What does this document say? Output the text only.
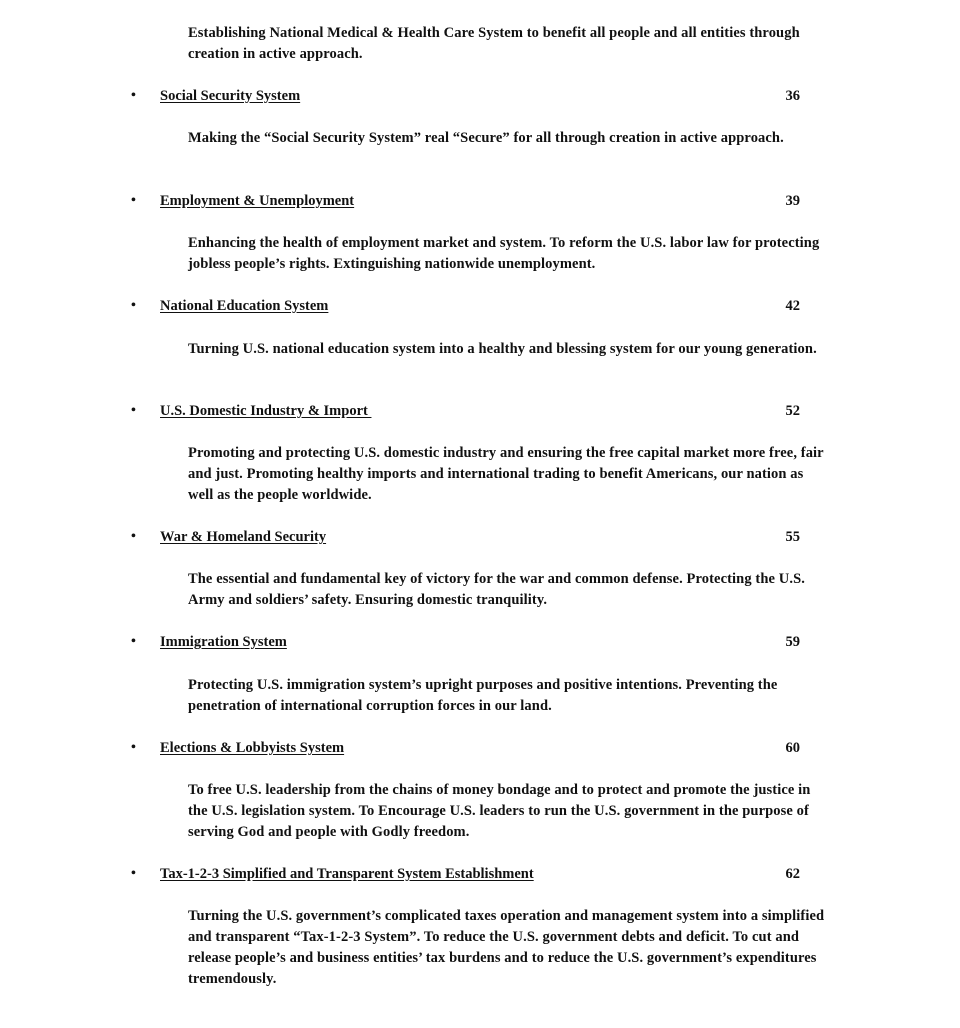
Establishing National Medical & Health Care System to benefit all people and all entities through creation in active approach.

• Social Security System	36

Making the “Social Security System” real “Secure” for all through creation in active approach.

• Employment & Unemployment	39

Enhancing the health of employment market and system. To reform the U.S. labor law for protecting jobless people’s rights. Extinguishing nationwide unemployment.

• National Education System	42

Turning U.S. national education system into a healthy and blessing system for our young generation.

• U.S. Domestic Industry & Import	52

Promoting and protecting U.S. domestic industry and ensuring the free capital market more free, fair and just. Promoting healthy imports and international trading to benefit Americans, our nation as well as the people worldwide.

• War & Homeland Security	55

The essential and fundamental key of victory for the war and common defense. Protecting the U.S. Army and soldiers’ safety. Ensuring domestic tranquility.

• Immigration System	59

Protecting U.S. immigration system’s upright purposes and positive intentions. Preventing the penetration of international corruption forces in our land.

• Elections & Lobbyists System	60

To free U.S. leadership from the chains of money bondage and to protect and promote the justice in the U.S. legislation system. To Encourage U.S. leaders to run the U.S. government in the purpose of serving God and people with Godly freedom.

• Tax-1-2-3 Simplified and Transparent System Establishment	62

Turning the U.S. government’s complicated taxes operation and management system into a simplified and transparent “Tax-1-2-3 System”. To reduce the U.S. government debts and deficit. To cut and release people’s and business entities’ tax burdens and to reduce the U.S. government’s expenditures tremendously.
